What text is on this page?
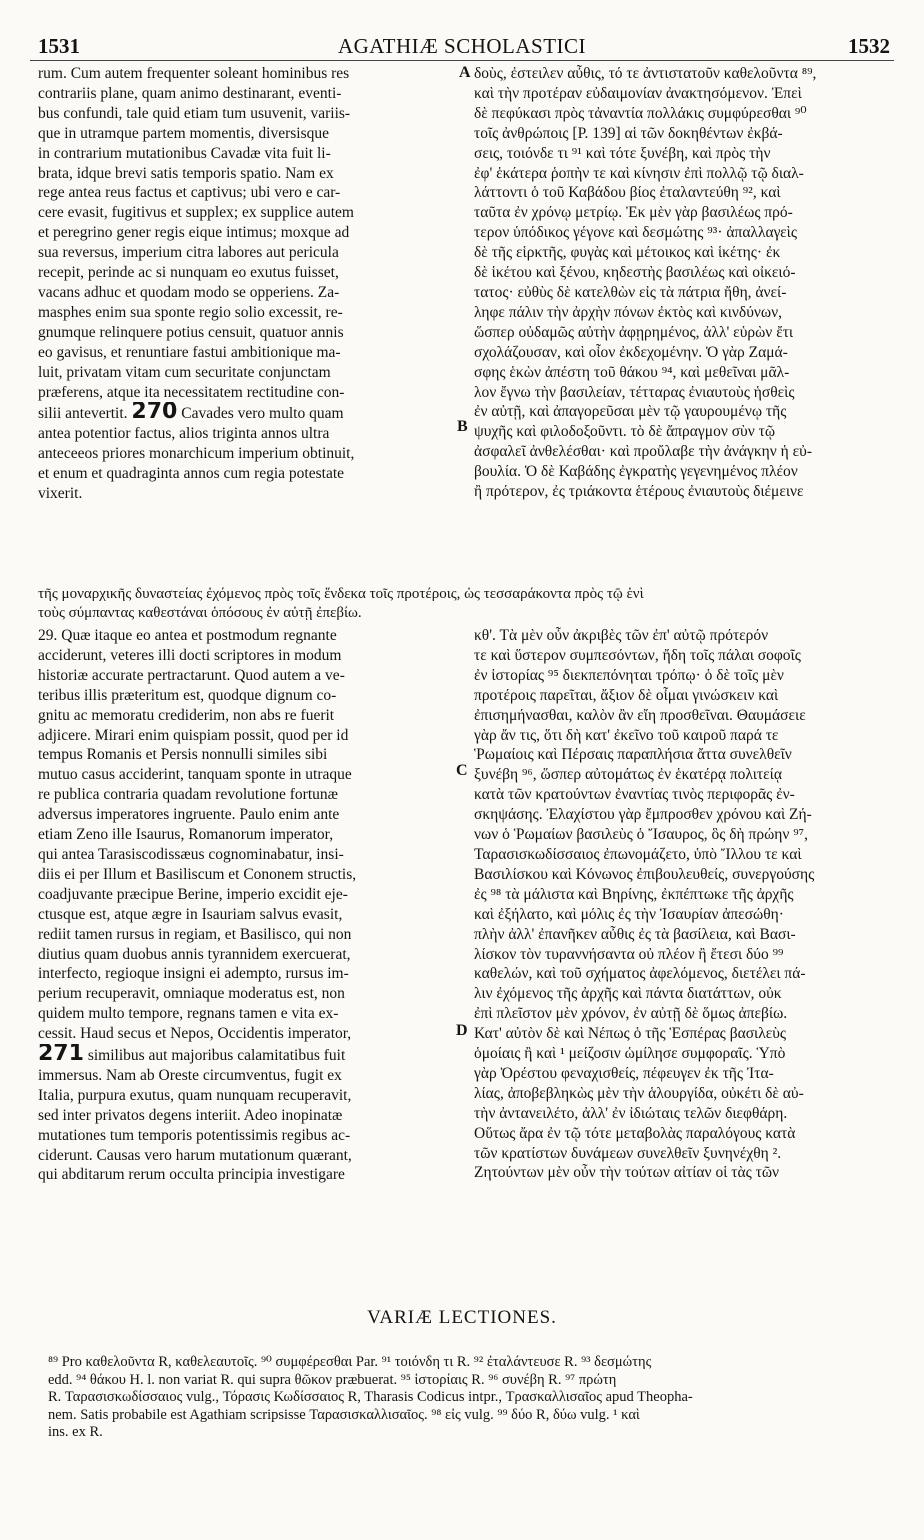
1531	AGATHIÆ SCHOLASTICI	1532

rum. Cum autem frequenter soleant hominibus res

contrariis plane, quam animo destinarant, eventi-

bus confundi, tale quid etiam tum usuvenit, variis-

que in utramque partem momentis, diversisque

in contrarium mutationibus Cavadæ vita fuit li-

brata, idque brevi satis temporis spatio. Nam ex

rege antea reus factus et captivus; ubi vero e car-

cere evasit, fugitivus et supplex; ex supplice autem

et peregrino gener regis eique intimus; moxque ad

sua reversus, imperium citra labores aut pericula

recepit, perinde ac si nunquam eo exutus fuisset,

vacans adhuc et quodam modo se opperiens. Za-

masphes enim sua sponte regio solio excessit, re-

gnumque relinquere potius censuit, quatuor annis

eo gavisus, et renuntiare fastui ambitionique ma-

luit, privatam vitam cum securitate conjunctam

præferens, atque ita necessitatem rectitudine con-

silii antevertit. 270 Cavades vero multo quam

antea potentior factus, alios triginta annos ultra

anteceeos priores monarchicum imperium obtinuit,

et enum et quadraginta annos cum regia potestate

vixerit.

δοὺς, ἐστειλεν αὖθις, τό τε ἀντιστατοῦν καθελοῦντα ⁸⁹,

καὶ τὴν προτέραν εὐδαιμονίαν ἀνακτησόμενον. Ἐπεὶ

δὲ πεφύκασι πρὸς τἀναντία πολλάκις συμφύρεσθαι ⁹⁰

τοῖς ἀνθρώποις [P. 139] αἱ τῶν δοκηθέντων ἐκβά-

σεις, τοιόνδε τι ⁹¹ καὶ τότε ξυνέβη, καὶ πρὸς τὴν

ἐφ' ἑκάτερα ῥοπὴν τε καὶ κίνησιν ἐπὶ πολλῷ τῷ διαλ-

λάττοντι ὁ τοῦ Καβάδου βίος ἐταλαντεύθη ⁹², καὶ

ταῦτα ἐν χρόνῳ μετρίῳ. Ἐκ μὲν γὰρ βασιλέως πρό-

τερον ὑπόδικος γέγονε καὶ δεσμώτης ⁹³· ἀπαλλαγεὶς

δὲ τῆς εἱρκτῆς, φυγὰς καὶ μέτοικος καὶ ἱκέτης· ἐκ

δὲ ἱκέτου καὶ ξένου, κηδεστὴς βασιλέως καὶ οἰκειό-

τατος· εὐθὺς δὲ κατελθὼν εἰς τὰ πάτρια ἤθη, ἀνεί-

ληφε πάλιν τὴν ἀρχὴν πόνων ἐκτὸς καὶ κινδύνων,

ὥσπερ οὐδαμῶς αὐτὴν ἀφῃρημένος, ἀλλ' εὑρὼν ἔτι

σχολάζουσαν, καὶ οἷον ἐκδεχομένην. Ὁ γὰρ Ζαμά-

σφης ἑκὼν ἀπέστη τοῦ θάκου ⁹⁴, καὶ μεθεῖναι μᾶλ-

λον ἔγνω τὴν βασιλείαν, τέτταρας ἐνιαυτοὺς ἡσθεὶς

ἐν αὐτῇ, καὶ ἀπαγορεῦσαι μὲν τῷ γαυρουμένῳ τῆς

ψυχῆς καὶ φιλοδοξοῦντι. τὸ δὲ ἄπραγμον σὺν τῷ

ἀσφαλεῖ ἀνθελέσθαι· καὶ προὔλαβε τὴν ἀνάγκην ἡ εὐ-

βουλία. Ὁ δὲ Καβάδης ἐγκρατὴς γεγενημένος πλέον

ἢ πρότερον, ἐς τριάκοντα ἑτέρους ἐνιαυτοὺς διέμεινε

A
B
C
D

τῆς μοναρχικῆς δυναστείας ἐχόμενος πρὸς τοῖς ἕνδεκα τοῖς προτέροις, ὡς τεσσαράκοντα πρὸς τῷ ἑνὶ

τοὺς σύμπαντας καθεστάναι ὁπόσους ἐν αὐτῇ ἐπεβίω.

29. Quæ itaque eo antea et postmodum regnante

acciderunt, veteres illi docti scriptores in modum

historiæ accurate pertractarunt. Quod autem a ve-

teribus illis præteritum est, quodque dignum co-

gnitu ac memoratu crediderim, non abs re fuerit

adjicere. Mirari enim quispiam possit, quod per id

tempus Romanis et Persis nonnulli similes sibi

mutuo casus acciderint, tanquam sponte in utraque

re publica contraria quadam revolutione fortunæ

adversus imperatores ingruente. Paulo enim ante

etiam Zeno ille Isaurus, Romanorum imperator,

qui antea Tarasiscodissæus cognominabatur, insi-

diis ei per Illum et Basiliscum et Cononem structis,

coadjuvante præcipue Berine, imperio excidit eje-

ctusque est, atque ægre in Isauriam salvus evasit,

rediit tamen rursus in regiam, et Basilisco, qui non

diutius quam duobus annis tyrannidem exercuerat,

interfecto, regioque insigni ei adempto, rursus im-

perium recuperavit, omniaque moderatus est, non

quidem multo tempore, regnans tamen e vita ex-

cessit. Haud secus et Nepos, Occidentis imperator,

271 similibus aut majoribus calamitatibus fuit

immersus. Nam ab Oreste circumventus, fugit ex

Italia, purpura exutus, quam nunquam recuperavit,

sed inter privatos degens interiit. Adeo inopinatæ

mutationes tum temporis potentissimis regibus ac-

ciderunt. Causas vero harum mutationum quærant,

qui abditarum rerum occulta principia investigare

κθ'. Τὰ μὲν οὖν ἀκριβὲς τῶν ἐπ' αὐτῷ πρότερόν

τε καὶ ὕστερον συμπεσόντων, ἤδη τοῖς πάλαι σοφοῖς

ἐν ἱστορίας ⁹⁵ διεκπεπόνηται τρόπῳ· ὁ δὲ τοῖς μὲν

προτέροις παρεῖται, ἄξιον δὲ οἶμαι γινώσκειν καὶ

ἐπισημήνασθαι, καλὸν ἂν εἴη προσθεῖναι. Θαυμάσειε

γὰρ ἄν τις, ὅτι δὴ κατ' ἐκεῖνο τοῦ καιροῦ παρά τε

Ῥωμαίοις καὶ Πέρσαις παραπλήσια ἄττα συνελθεῖν

ξυνέβη ⁹⁶, ὥσπερ αὐτομάτως ἐν ἑκατέρᾳ πολιτείᾳ

κατὰ τῶν κρατούντων ἐναντίας τινὸς περιφορᾶς ἐν-

σκηψάσης. Ἐλαχίστου γὰρ ἔμπροσθεν χρόνου καὶ Ζή-

νων ὁ Ῥωμαίων βασιλεὺς ὁ Ἴσαυρος, ὃς δὴ πρώην ⁹⁷,

Ταρασισκωδίσσαιος ἐπωνομάζετο, ὑπὸ Ἴλλου τε καὶ

Βασιλίσκου καὶ Κόνωνος ἐπιβουλευθείς, συνεργούσης

ἐς ⁹⁸ τὰ μάλιστα καὶ Βηρίνης, ἐκπέπτωκε τῆς ἀρχῆς

καὶ ἐξήλατο, καὶ μόλις ἐς τὴν Ἰσαυρίαν ἀπεσώθη·

πλὴν ἀλλ' ἐπανῆκεν αὖθις ἐς τὰ βασίλεια, καὶ Βασι-

λίσκον τὸν τυραννήσαντα οὐ πλέον ἢ ἔτεσι δύο ⁹⁹

καθελών, καὶ τοῦ σχήματος ἀφελόμενος, διετέλει πά-

λιν ἐχόμενος τῆς ἀρχῆς καὶ πάντα διατάττων, οὐκ

ἐπὶ πλεῖστον μὲν χρόνον, ἐν αὐτῇ δὲ ὅμως ἀπεβίω.

Κατ' αὐτὸν δὲ καὶ Νέπως ὁ τῆς Ἑσπέρας βασιλεὺς

ὁμοίαις ἢ καὶ ¹ μείζοσιν ὡμίλησε συμφοραῖς. Ὑπὸ

γὰρ Ὀρέστου φεναχισθείς, πέφευγεν ἐκ τῆς Ἰτα-

λίας, ἀποβεβληκὼς μὲν τὴν ἁλουργίδα, οὐκέτι δὲ αὐ-

τὴν ἀντανειλέτο, ἀλλ' ἐν ἰδιώταις τελῶν διεφθάρη.

Οὕτως ἄρα ἐν τῷ τότε μεταβολὰς παραλόγους κατὰ

τῶν κρατίστων δυνάμεων συνελθεῖν ξυνηνέχθη ².

Ζητούντων μὲν οὖν τὴν τούτων αἰτίαν οἱ τὰς τῶν

VARIÆ LECTIONES.

⁸⁹ Pro καθελοῦντα R, καθελεαυτοῖς. ⁹⁰ συμφέρεσθαι Par. ⁹¹ τοιόνδη τι R. ⁹² ἐταλάντευσε R. ⁹³ δεσμώτης

edd. ⁹⁴ θάκου H. l. non variat R. qui supra θῶκον præbuerat. ⁹⁵ ἱστορίαις R. ⁹⁶ συνέβη R. ⁹⁷ πρώτη

R. Ταρασισκωδίσσαιος vulg., Τόρασις Κωδίσσαιος R, Tharasis Codicus intpr., Τρασκαλλισαῖος apud Theopha-

nem. Satis probabile est Agathiam scripsisse Ταρασισκαλλισαῖος. ⁹⁸ εἰς vulg. ⁹⁹ δύο R, δύω vulg. ¹ καὶ

ins. ex R.
